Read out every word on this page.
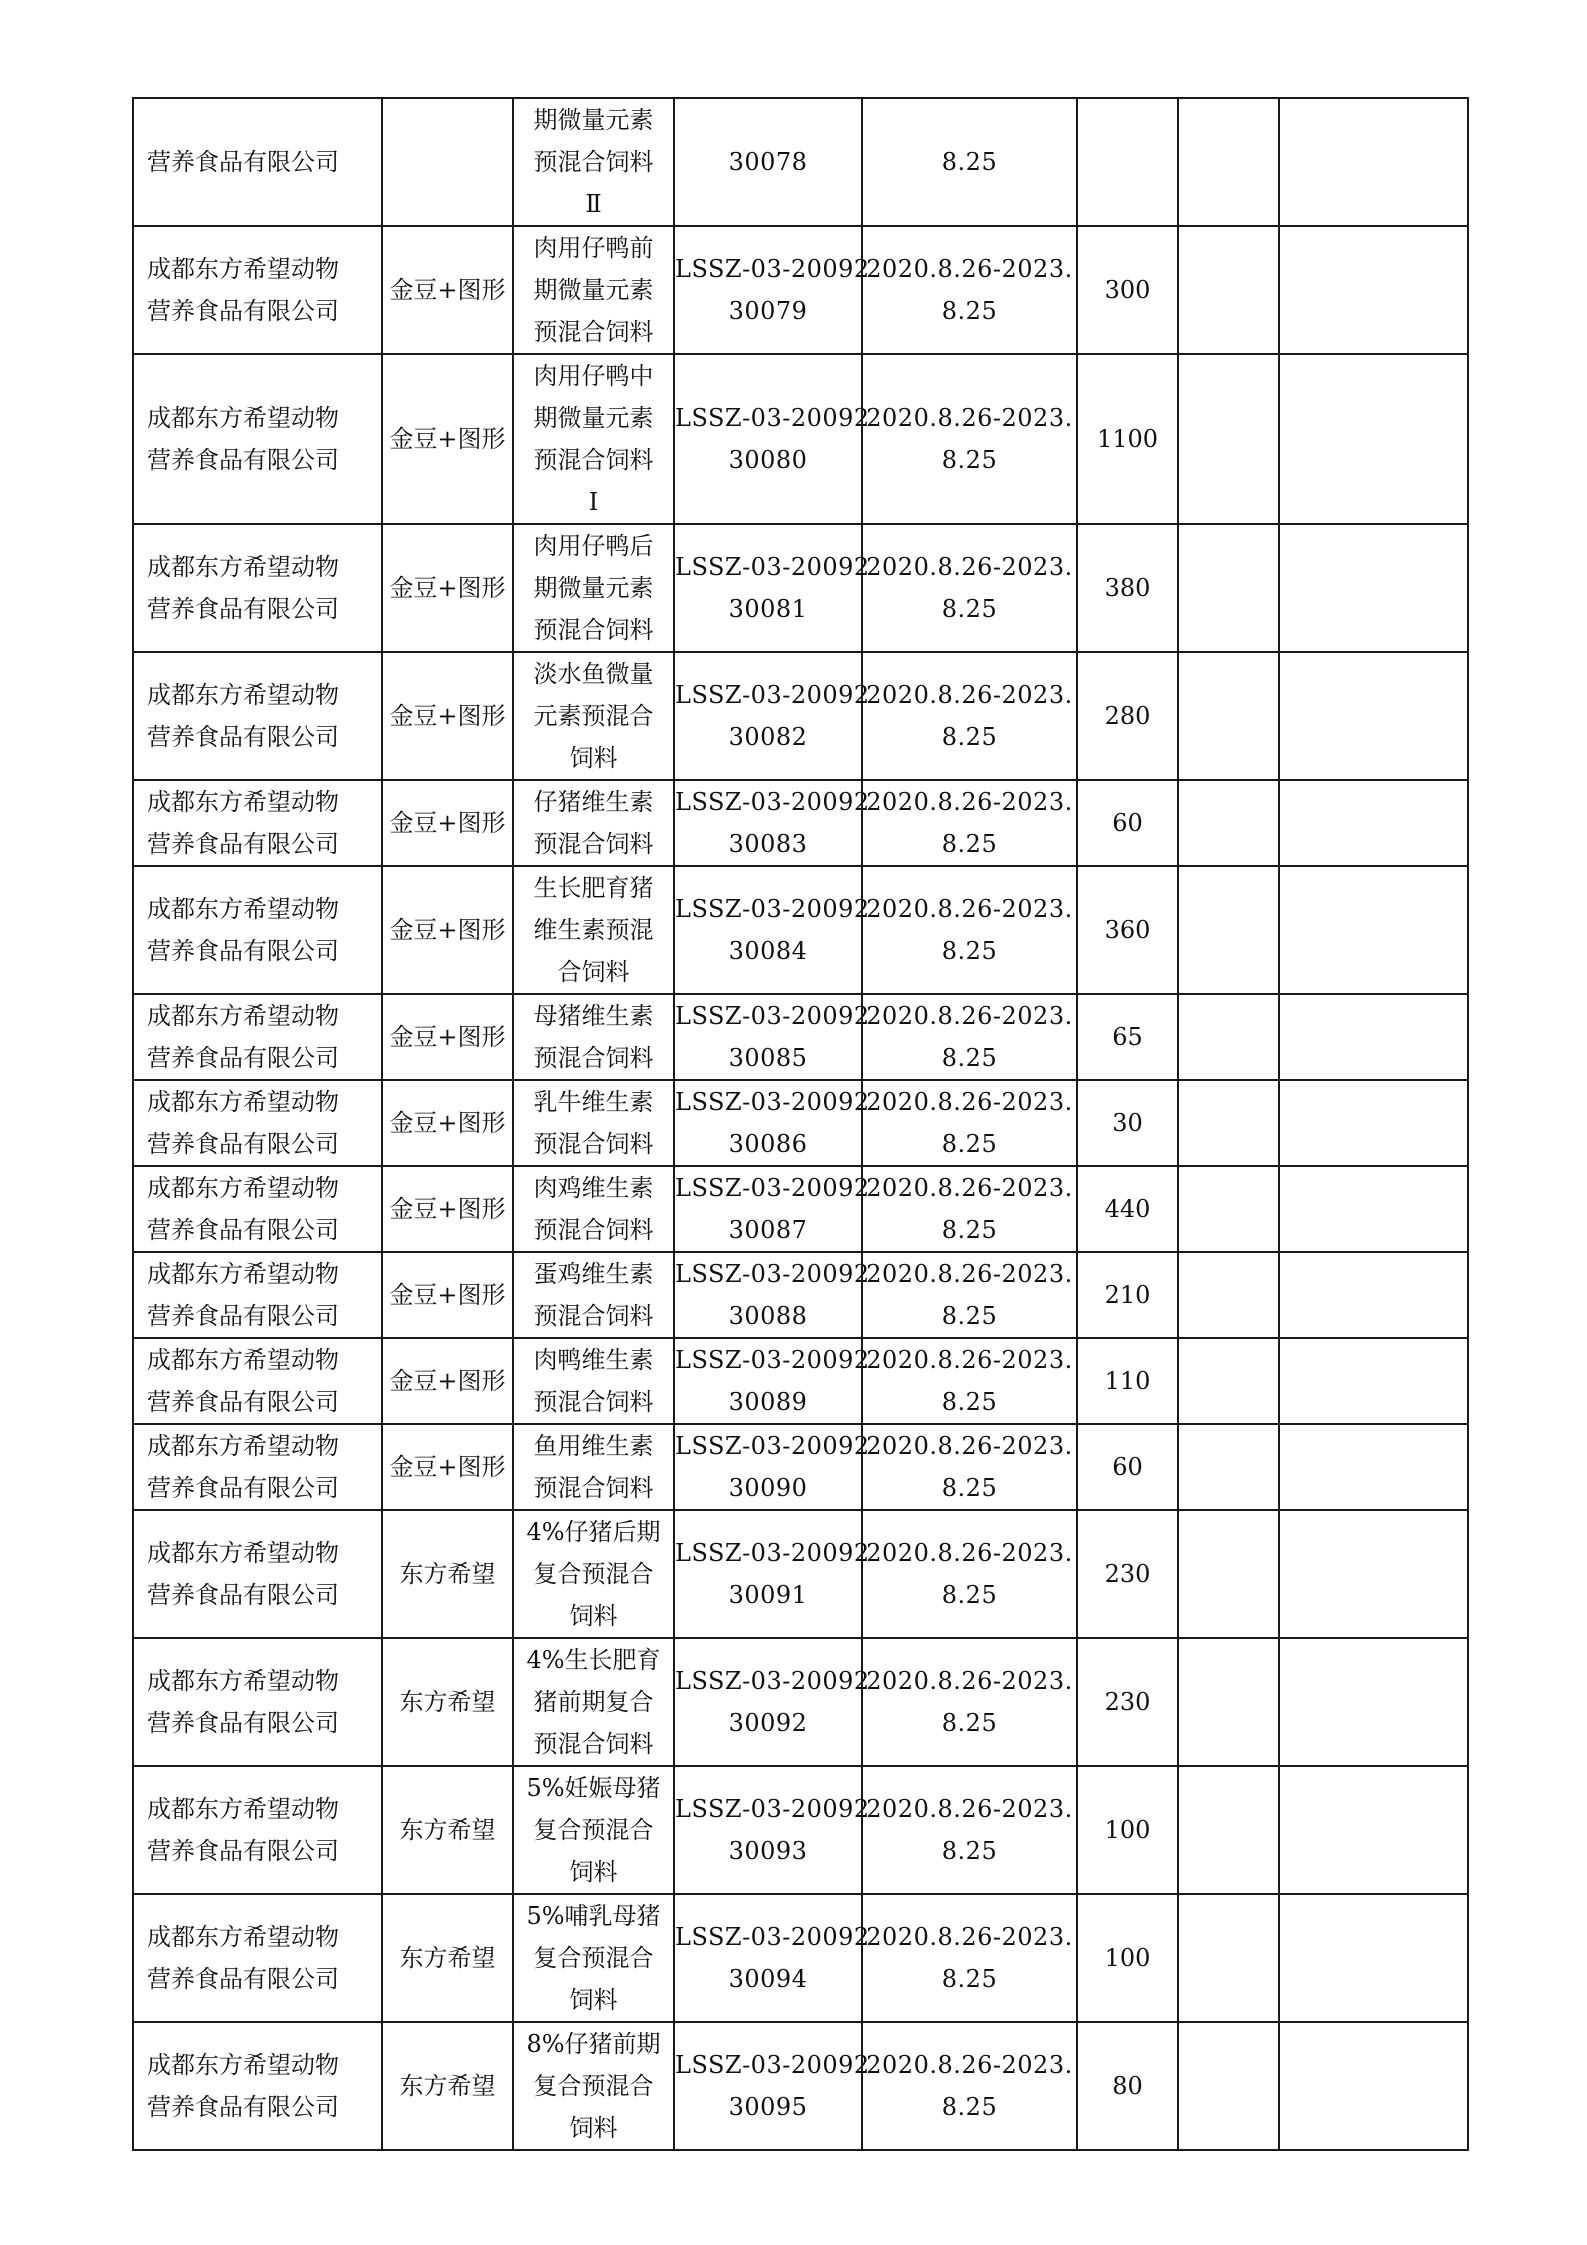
营养食品有限公司		期微量元素
预混合饲料
Ⅱ	30078	8.25			

成都东方希望动物
营养食品有限公司	金豆+图形	肉用仔鸭前
期微量元素
预混合饲料	LSSZ-03-20092
30079	2020.8.26-2023.
8.25	300		

成都东方希望动物
营养食品有限公司	金豆+图形	肉用仔鸭中
期微量元素
预混合饲料
Ⅰ	LSSZ-03-20092
30080	2020.8.26-2023.
8.25	1100		

成都东方希望动物
营养食品有限公司	金豆+图形	肉用仔鸭后
期微量元素
预混合饲料	LSSZ-03-20092
30081	2020.8.26-2023.
8.25	380		

成都东方希望动物
营养食品有限公司	金豆+图形	淡水鱼微量
元素预混合
饲料	LSSZ-03-20092
30082	2020.8.26-2023.
8.25	280		

成都东方希望动物
营养食品有限公司	金豆+图形	仔猪维生素
预混合饲料	LSSZ-03-20092
30083	2020.8.26-2023.
8.25	60		

成都东方希望动物
营养食品有限公司	金豆+图形	生长肥育猪
维生素预混
合饲料	LSSZ-03-20092
30084	2020.8.26-2023.
8.25	360		

成都东方希望动物
营养食品有限公司	金豆+图形	母猪维生素
预混合饲料	LSSZ-03-20092
30085	2020.8.26-2023.
8.25	65		

成都东方希望动物
营养食品有限公司	金豆+图形	乳牛维生素
预混合饲料	LSSZ-03-20092
30086	2020.8.26-2023.
8.25	30		

成都东方希望动物
营养食品有限公司	金豆+图形	肉鸡维生素
预混合饲料	LSSZ-03-20092
30087	2020.8.26-2023.
8.25	440		

成都东方希望动物
营养食品有限公司	金豆+图形	蛋鸡维生素
预混合饲料	LSSZ-03-20092
30088	2020.8.26-2023.
8.25	210		

成都东方希望动物
营养食品有限公司	金豆+图形	肉鸭维生素
预混合饲料	LSSZ-03-20092
30089	2020.8.26-2023.
8.25	110		

成都东方希望动物
营养食品有限公司	金豆+图形	鱼用维生素
预混合饲料	LSSZ-03-20092
30090	2020.8.26-2023.
8.25	60		

成都东方希望动物
营养食品有限公司	东方希望	4%仔猪后期
复合预混合
饲料	LSSZ-03-20092
30091	2020.8.26-2023.
8.25	230		

成都东方希望动物
营养食品有限公司	东方希望	4%生长肥育
猪前期复合
预混合饲料	LSSZ-03-20092
30092	2020.8.26-2023.
8.25	230		

成都东方希望动物
营养食品有限公司	东方希望	5%妊娠母猪
复合预混合
饲料	LSSZ-03-20092
30093	2020.8.26-2023.
8.25	100		

成都东方希望动物
营养食品有限公司	东方希望	5%哺乳母猪
复合预混合
饲料	LSSZ-03-20092
30094	2020.8.26-2023.
8.25	100		

成都东方希望动物
营养食品有限公司	东方希望	8%仔猪前期
复合预混合
饲料	LSSZ-03-20092
30095	2020.8.26-2023.
8.25	80		
